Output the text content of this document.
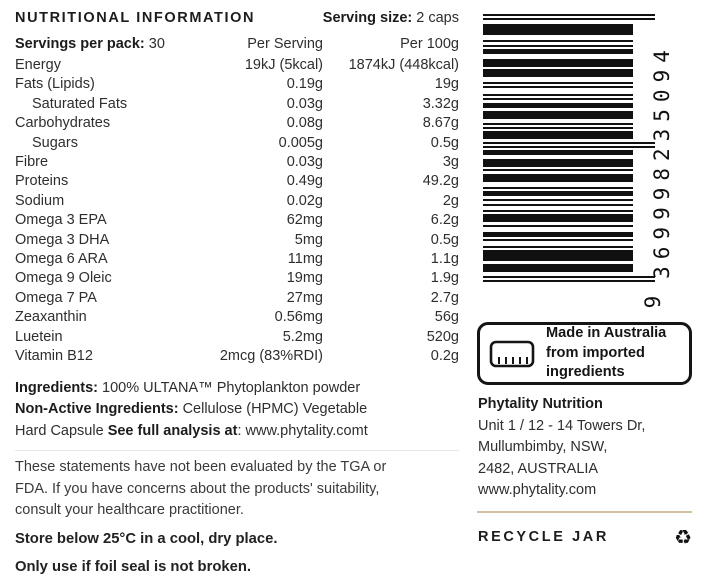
NUTRITIONAL INFORMATION	Serving size: 2 caps
Servings per pack: 30	Per Serving	Per 100g
Energy	19kJ (5kcal)	1874kJ (448kcal)
Fats (Lipids)	0.19g	19g
Saturated Fats	0.03g	3.32g
Carbohydrates	0.08g	8.67g
Sugars	0.005g	0.5g
Fibre	0.03g	3g
Proteins	0.49g	49.2g
Sodium	0.02g	2g
Omega 3 EPA	62mg	6.2g
Omega 3 DHA	5mg	0.5g
Omega 6 ARA	11mg	1.1g
Omega 9 Oleic	19mg	1.9g
Omega 7 PA	27mg	2.7g
Zeaxanthin	0.56mg	56g
Luetein	5.2mg	520g
Vitamin B12	2mcg (83%RDI)	0.2g
Ingredients: 100% ULTANA™ Phytoplankton powder
Non-Active Ingredients: Cellulose (HPMC) Vegetable
Hard Capsule See full analysis at: www.phytality.comt
These statements have not been evaluated by the TGA or
FDA. If you have concerns about the products' suitability,
consult your healthcare practitioner.
Store below 25°C in a cool, dry place.
Only use if foil seal is not broken.
369998235094
9
Made in Australia
from imported
ingredients
Phytality Nutrition
Unit 1 / 12 - 14 Towers Dr,
Mullumbimby, NSW,
2482, AUSTRALIA
www.phytality.com
RECYCLE JAR	♻
